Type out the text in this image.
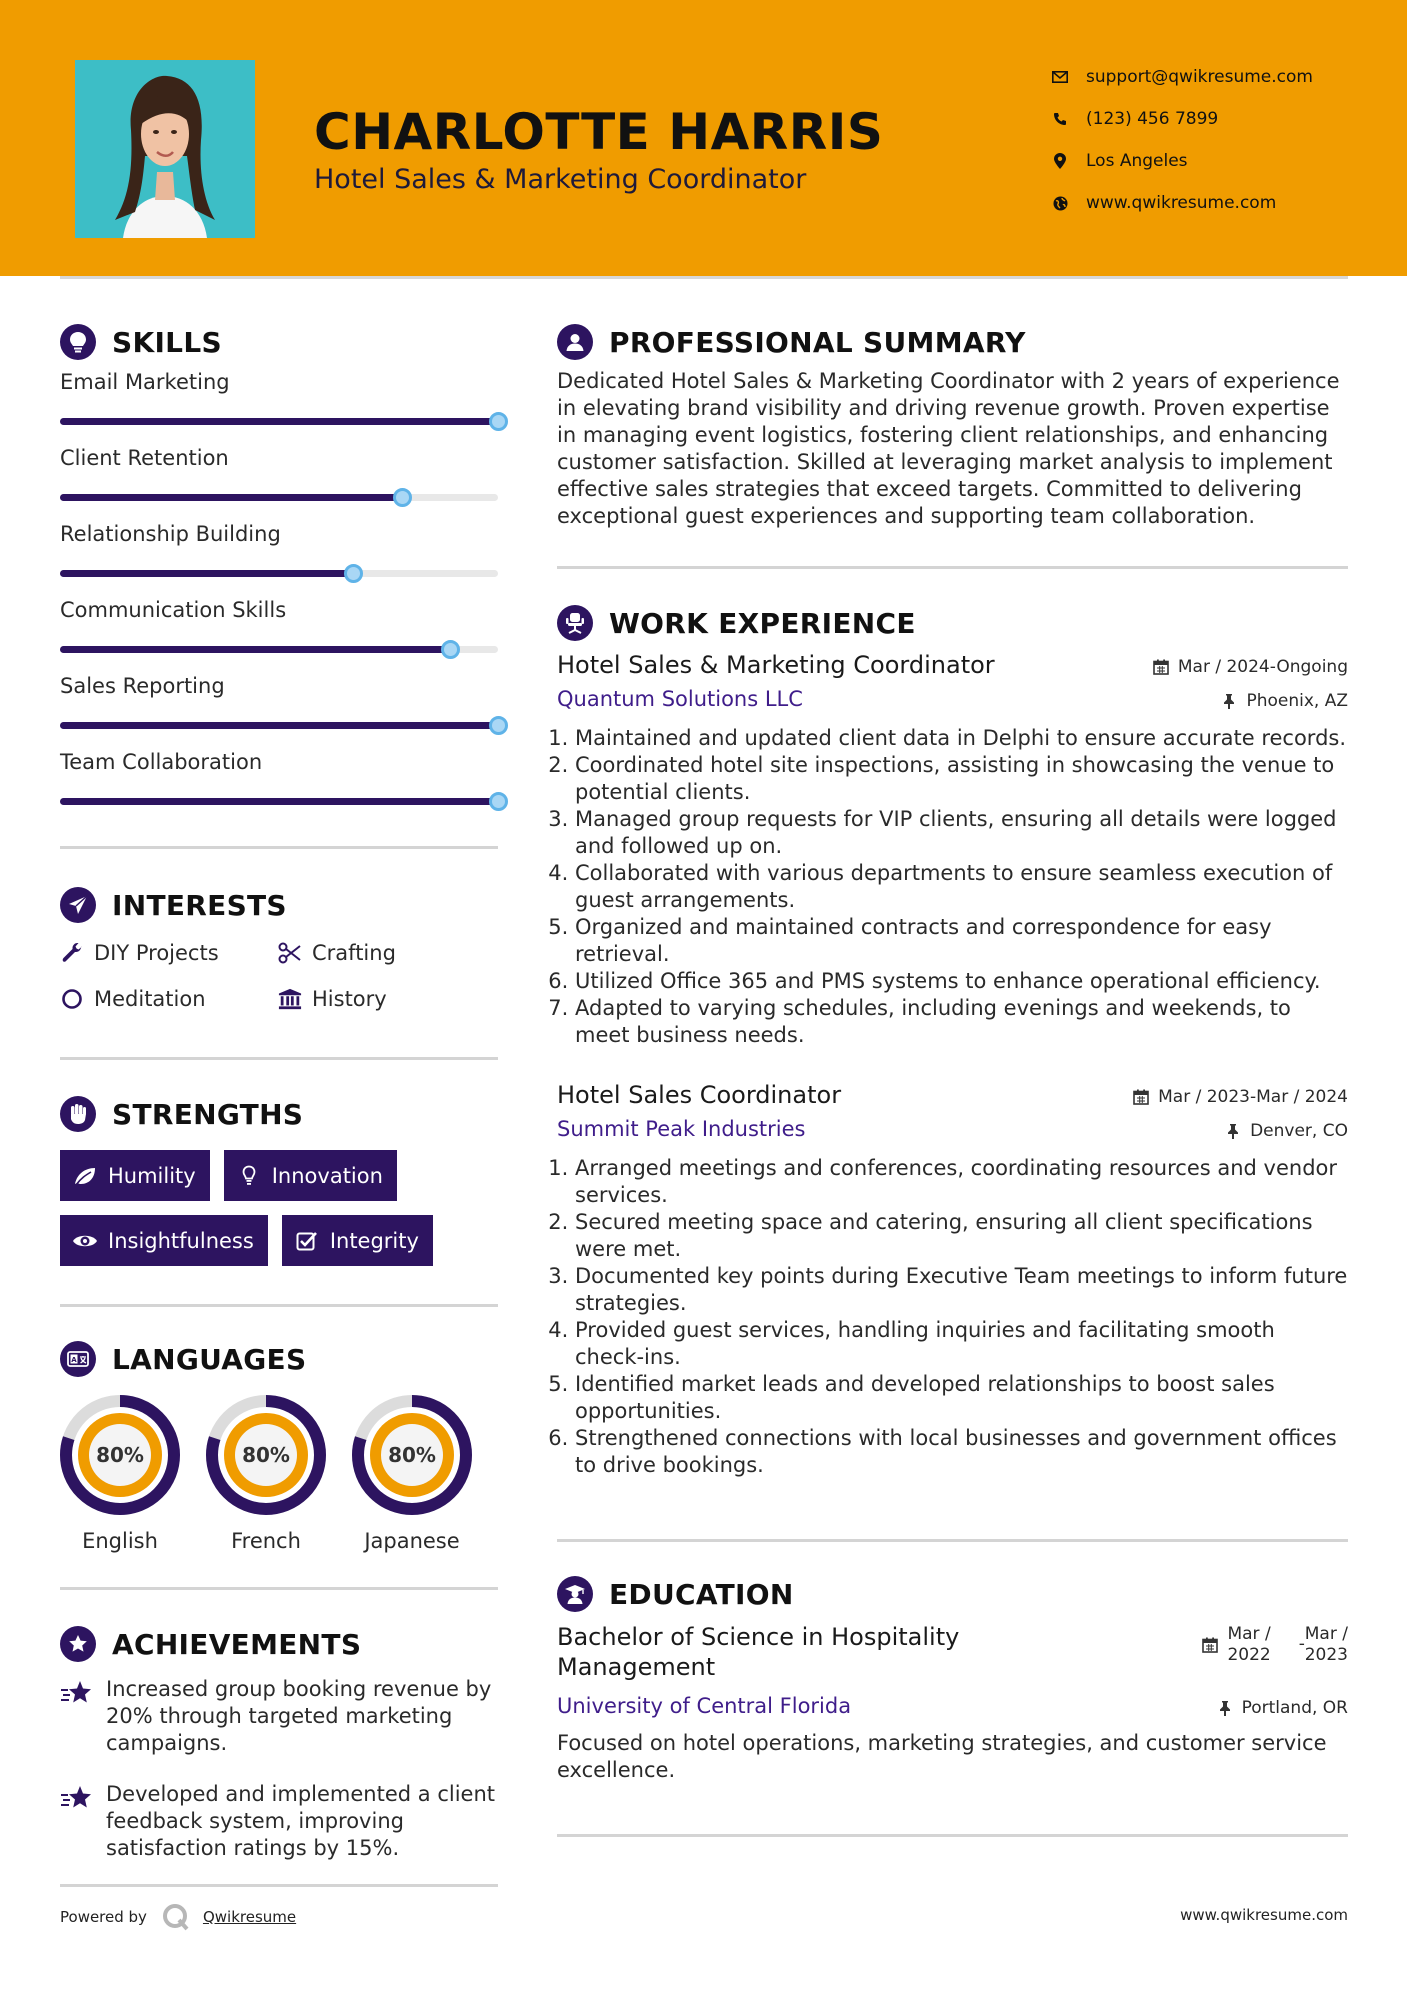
CHARLOTTE HARRIS
Hotel Sales & Marketing Coordinator
support@qwikresume.com
(123) 456 7899
Los Angeles
www.qwikresume.com
SKILLS
Email Marketing
Client Retention
Relationship Building
Communication Skills
Sales Reporting
Team Collaboration
INTERESTS
DIY Projects	Crafting
Meditation	History
STRENGTHS
Humility	Innovation
Insightfulness	Integrity
A LANGUAGES
80%
English
80%
French
80%
Japanese
ACHIEVEMENTS
Increased group booking revenue by 20% through targeted marketing campaigns.
Developed and implemented a client feedback system, improving satisfaction ratings by 15%.
PROFESSIONAL SUMMARY
Dedicated Hotel Sales & Marketing Coordinator with 2 years of experience in elevating brand visibility and driving revenue growth. Proven expertise in managing event logistics, fostering client relationships, and enhancing customer satisfaction. Skilled at leveraging market analysis to implement effective sales strategies that exceed targets. Committed to delivering exceptional guest experiences and supporting team collaboration.
WORK EXPERIENCE
Hotel Sales & Marketing Coordinator	Mar / 2024-Ongoing
Quantum Solutions LLC	Phoenix, AZ
1. Maintained and updated client data in Delphi to ensure accurate records.
2. Coordinated hotel site inspections, assisting in showcasing the venue to potential clients.
3. Managed group requests for VIP clients, ensuring all details were logged and followed up on.
4. Collaborated with various departments to ensure seamless execution of guest arrangements.
5. Organized and maintained contracts and correspondence for easy retrieval.
6. Utilized Office 365 and PMS systems to enhance operational efficiency.
7. Adapted to varying schedules, including evenings and weekends, to meet business needs.
Hotel Sales Coordinator	Mar / 2023-Mar / 2024
Summit Peak Industries	Denver, CO
1. Arranged meetings and conferences, coordinating resources and vendor services.
2. Secured meeting space and catering, ensuring all client specifications were met.
3. Documented key points during Executive Team meetings to inform future strategies.
4. Provided guest services, handling inquiries and facilitating smooth check-ins.
5. Identified market leads and developed relationships to boost sales opportunities.
6. Strengthened connections with local businesses and government offices to drive bookings.
EDUCATION
Bachelor of Science in Hospitality Management
Mar /
2022
- Mar /
2023
University of Central Florida	Portland, OR
Focused on hotel operations, marketing strategies, and customer service excellence.
Powered by	Qwikresume	www.qwikresume.com
